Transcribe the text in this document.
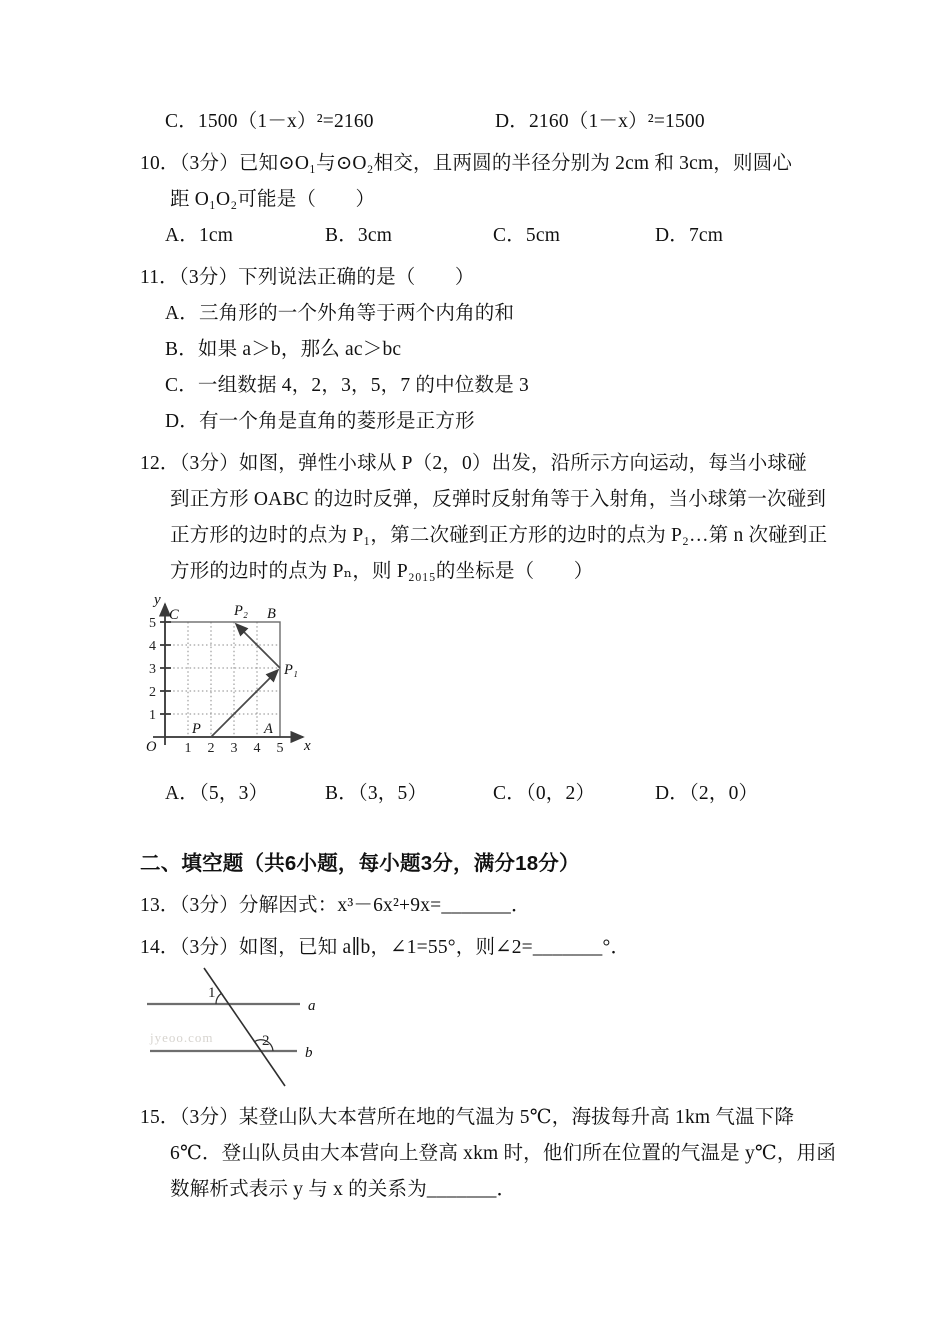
C．1500（1－x）²=2160	D．2160（1－x）²=1500
10．（3分）已知⊙O₁与⊙O₂相交，且两圆的半径分别为 2cm 和 3cm，则圆心
距 O₁O₂可能是（　　）
A．1cm	B．3cm	C．5cm	D．7cm
11．（3分）下列说法正确的是（　　）
A．三角形的一个外角等于两个内角的和
B．如果 a＞b，那么 ac＞bc
C．一组数据 4，2，3，5，7 的中位数是 3
D．有一个角是直角的菱形是正方形
12．（3分）如图，弹性小球从 P（2，0）出发，沿所示方向运动，每当小球碰
到正方形 OABC 的边时反弹，反弹时反射角等于入射角，当小球第一次碰到
正方形的边时的点为 P₁，第二次碰到正方形的边时的点为 P₂…第 n 次碰到正
方形的边时的点为 Pₙ，则 P₂₀₁₅的坐标是（　　）
1 2 3 4 5
5
4
3
2
1
y
x
O
C	B
A
P
P₁
P₂
A．（5，3）	B．（3，5）	C．（0，2）	D．（2，0）
二、填空题（共6小题，每小题3分，满分18分）
13．（3分）分解因式：x³－6x²+9x=_______．
14．（3分）如图，已知 a∥b，∠1=55°，则∠2=_______°．
jyeoo.com
1
2
a
b
15．（3分）某登山队大本营所在地的气温为 5℃，海拔每升高 1km 气温下降
6℃．登山队员由大本营向上登高 xkm 时，他们所在位置的气温是 y℃，用函
数解析式表示 y 与 x 的关系为_______．
